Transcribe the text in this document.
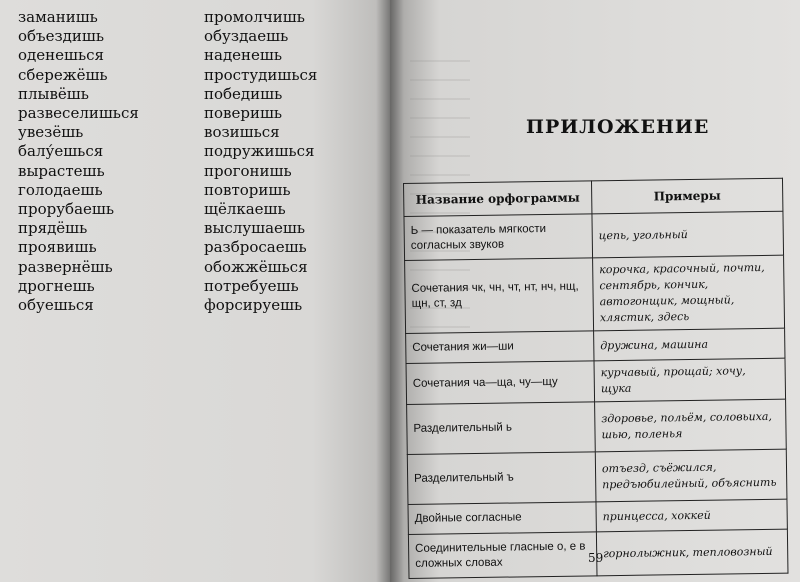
заманишь
объездишь
оденешься
сбережёшь
плывёшь
развеселишься
увезёшь
балу́ешься
вырастешь
голодаешь
прорубаешь
прядёшь
проявишь
развернёшь
дрогнешь
обуешься
промолчишь
обуздаешь
наденешь
простудишься
победишь
поверишь
возишься
подружишься
прогонишь
повторишь
щёлкаешь
выслушаешь
разбросаешь
обожжёшься
потребуешь
форсируешь
ПРИЛОЖЕНИЕ
Название орфограммы	Примеры
Ь — показатель мягкости согласных звуков	цепь, угольный
Сочетания чк, чн, чт, нт, нч, нщ, щн, ст, зд	корочка, красочный, почти, сентябрь, кончик, автогонщик, мощный, хлястик, здесь
Сочетания жи—ши	дружина, машина
Сочетания ча—ща, чу—щу	курчавый, прощай; хочу, щука
Разделительный ь	здоровье, польём, соловьиха, шью, поленья
Разделительный ъ	отъезд, съёжился, предъюбилейный, объяснить
Двойные согласные	принцесса, хоккей
Соединительные гласные о, е в сложных словах	горнолыжник, тепловозный
59
